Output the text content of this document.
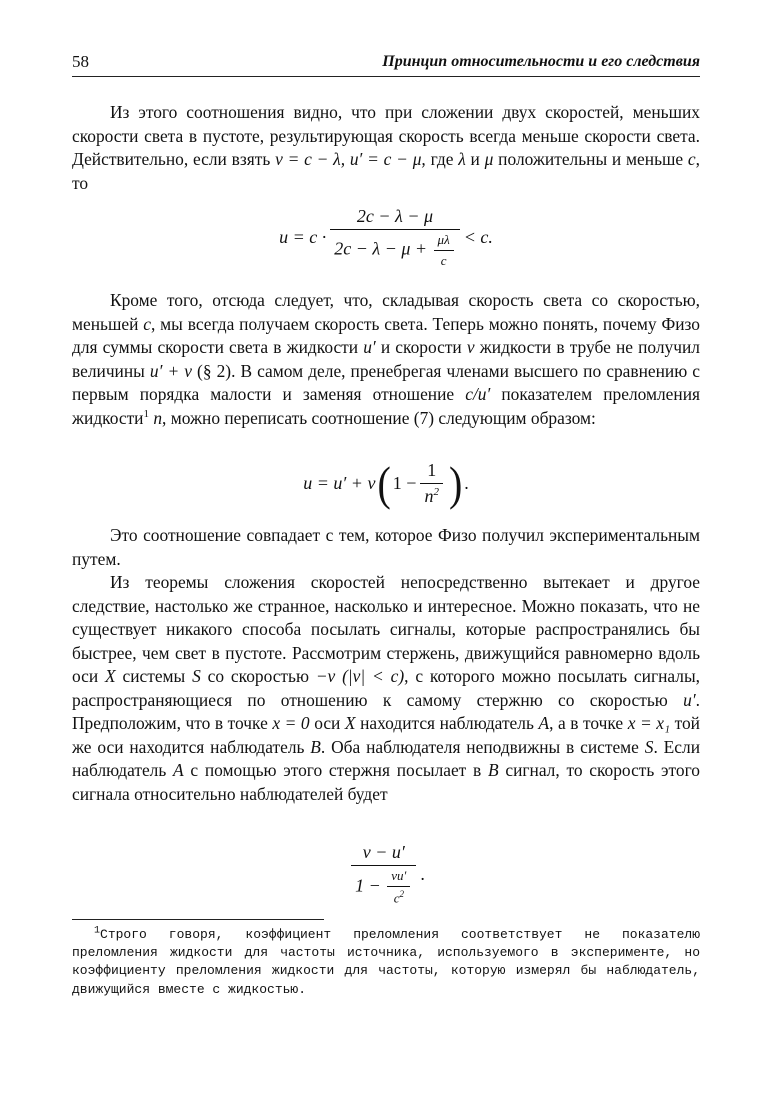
58	Принцип относительности и его следствия

Из этого соотношения видно, что при сложении двух скоростей, меньших скорости света в пустоте, результирующая скорость всегда меньше скорости света. Действительно, если взять v = c − λ, u′ = c − μ, где λ и μ положительны и меньше c, то

u = c ·
2c − λ − μ
$2c - \lambda - \mu + \frac{\mu\lambda}{c} < c$.

Кроме того, отсюда следует, что, складывая скорость света со скоростью, меньшей c, мы всегда получаем скорость света. Теперь можно понять, почему Физо для суммы скорости света в жидкости u′ и скорости v жидкости в трубе не получил величины u′ + v (§ 2). В самом деле, пренебрегая членами высшего по сравнению с первым порядка малости и заменяя отношение c/u′ показателем преломления жидкости$^1$ n, можно переписать соотношение (7) следующим образом:

u = u′ + v ( $1 - \frac{1}{n^2}$ ) .

Это соотношение совпадает с тем, которое Физо получил экспериментальным путем.

Из теоремы сложения скоростей непосредственно вытекает и другое следствие, настолько же странное, насколько и интересное. Можно показать, что не существует никакого способа посылать сигналы, которые распространялись бы быстрее, чем свет в пустоте. Рассмотрим стержень, движущийся равномерно вдоль оси X системы S со скоростью −v (|v| < c), с которого можно посылать сигналы, распространяющиеся по отношению к самому стержню со скоростью u′. Предположим, что в точке x = 0 оси X находится наблюдатель A, а в точке x = x₁ той же оси находится наблюдатель B. Оба наблюдателя неподвижны в системе S. Если наблюдатель A с помощью этого стержня посылает в B сигнал, то скорость этого сигнала относительно наблюдателей будет

$\frac{v - u'}{1 - \frac{vu'}{c^2}}$ .

$^1$Строго говоря, коэффициент преломления соответствует не показателю преломления жидкости для частоты источника, используемого в эксперименте, но коэффициенту преломления жидкости для частоты, которую измерял бы наблюдатель, движущийся вместе с жидкостью.
